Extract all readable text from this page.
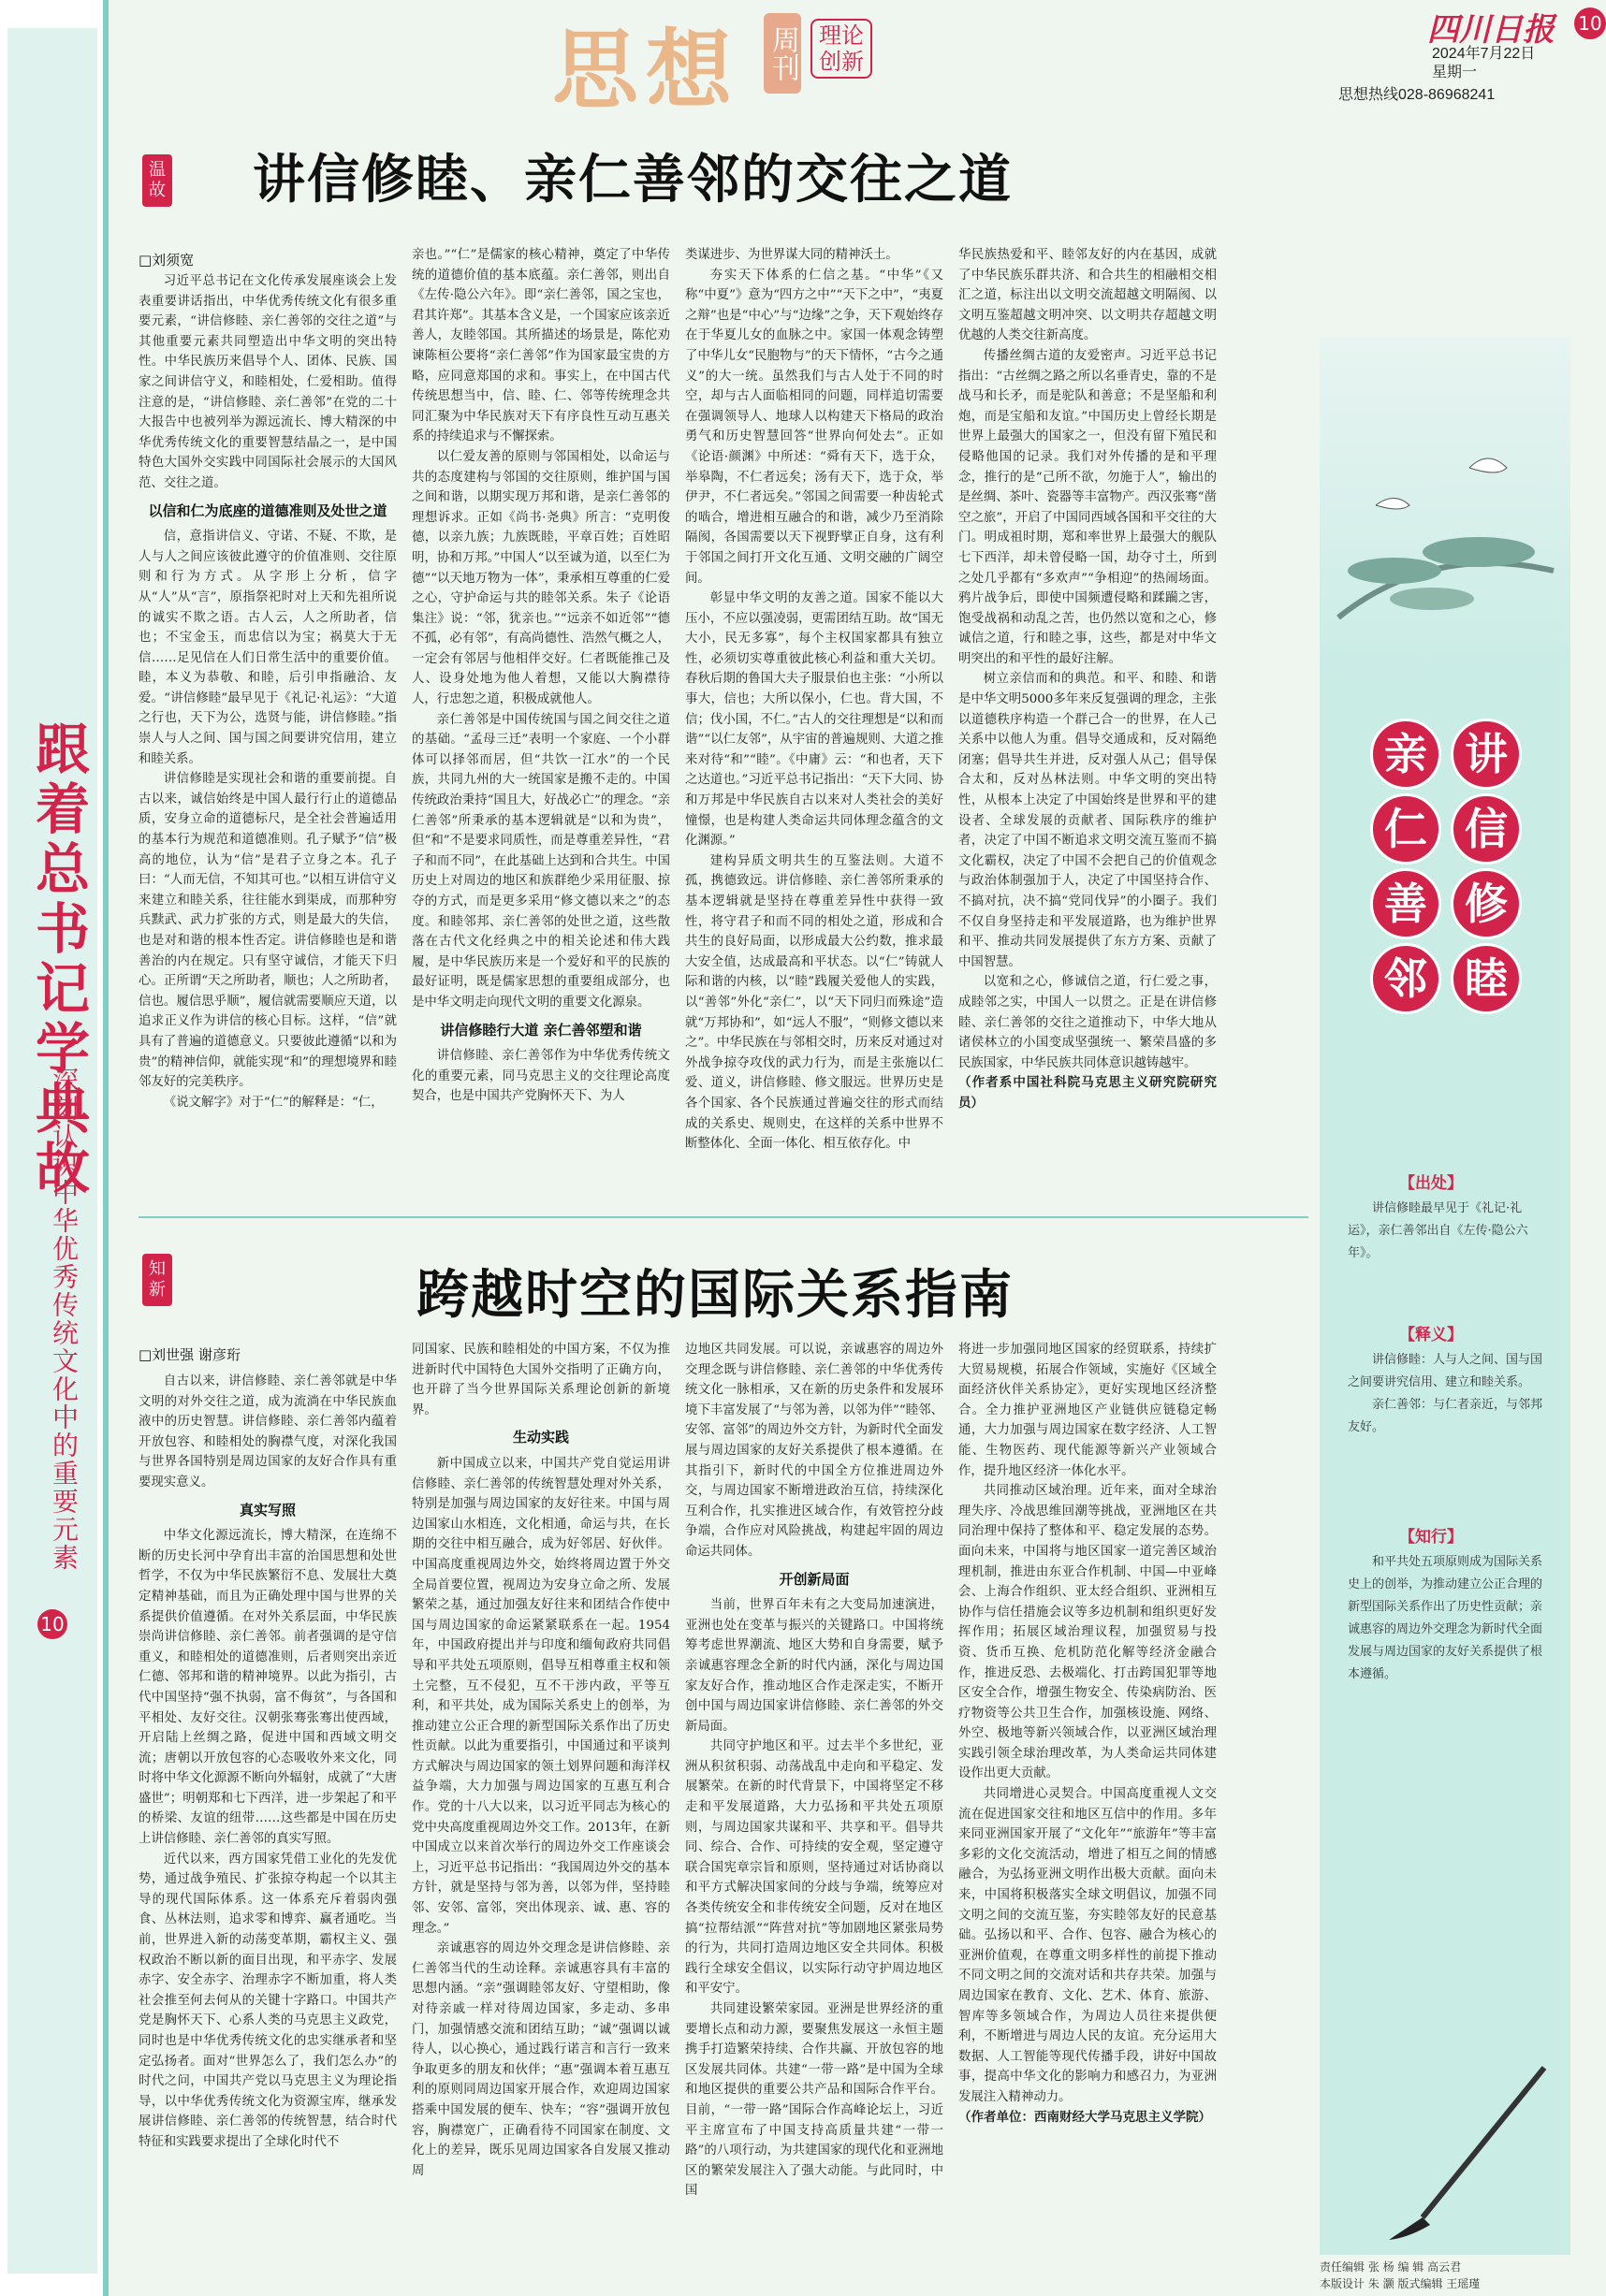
跟着总书记学典故
深刻认识中华优秀传统文化中的重要元素
10
思想 周刊 理论创新
四川日报 10
2024年7月22日
星期一
思想热线028-86968241
温故 讲信修睦、亲仁善邻的交往之道
□刘须宽

习近平总书记在文化传承发展座谈会上发表重要讲话指出，中华优秀传统文化有很多重要元素，“讲信修睦、亲仁善邻的交往之道”与其他重要元素共同塑造出中华文明的突出特性。中华民族历来倡导个人、团体、民族、国家之间讲信守义，和睦相处，仁爱相助。值得注意的是，“讲信修睦、亲仁善邻”在党的二十大报告中也被列举为源远流长、博大精深的中华优秀传统文化的重要智慧结晶之一，是中国特色大国外交实践中同国际社会展示的大国风范、交往之道。

以信和仁为底座的道德准则及处世之道

信，意指讲信义、守诺、不疑、不欺，是人与人之间应该彼此遵守的价值准则、交往原则和行为方式。从字形上分析，信字从“人”从“言”，原指祭祀时对上天和先祖所说的诚实不欺之语。古人云，人之所助者，信也；不宝金玉，而忠信以为宝；祸莫大于无信……足见信在人们日常生活中的重要价值。睦，本义为恭敬、和睦，后引申指融洽、友爱。“讲信修睦”最早见于《礼记·礼运》：“大道之行也，天下为公，选贤与能，讲信修睦。”指崇人与人之间、国与国之间要讲究信用，建立和睦关系。

讲信修睦是实现社会和谐的重要前提。自古以来，诚信始终是中国人最行行止的道德品质，安身立命的道德标尺，是全社会普遍适用的基本行为规范和道德准则。孔子赋予“信”极高的地位，认为“信”是君子立身之本。孔子曰：“人而无信，不知其可也。”以相互讲信守义来建立和睦关系，往往能水到渠成，而那种穷兵黩武、武力扩张的方式，则是最大的失信，也是对和谐的根本性否定。讲信修睦也是和谐善治的内在规定。只有坚守诚信，才能天下归心。正所谓“天之所助者，顺也；人之所助者，信也。履信思乎顺”，履信就需要顺应天道，以追求正义作为讲信的核心目标。这样，“信”就具有了普遍的道德意义。只要彼此遵循“以和为贵”的精神信仰，就能实现“和”的理想境界和睦邻友好的完美秩序。

《说文解字》对于“仁”的解释是：“仁，

亲也。”“仁”是儒家的核心精神，奠定了中华传统的道德价值的基本底蕴。亲仁善邻，则出自《左传·隐公六年》。即“亲仁善邻，国之宝也，君其许郑”。其基本含义是，一个国家应该亲近善人，友睦邻国。其所描述的场景是，陈佗劝谏陈桓公要将“亲仁善邻”作为国家最宝贵的方略，应同意郑国的求和。事实上，在中国古代传统思想当中，信、睦、仁、邻等传统理念共同汇聚为中华民族对天下有序良性互动互惠关系的持续追求与不懈探索。

以仁爱友善的原则与邻国相处，以命运与共的态度建构与邻国的交往原则，维护国与国之间和谐，以期实现万邦和谐，是亲仁善邻的理想诉求。正如《尚书·尧典》所言：“克明俊德，以亲九族；九族既睦，平章百姓；百姓昭明，协和万邦。”中国人“以至诚为道，以至仁为德”“以天地万物为一体”，秉承相互尊重的仁爱之心，守护命运与共的睦邻关系。朱子《论语集注》说：“邻，犹亲也。”“远亲不如近邻”“德不孤，必有邻”，有高尚德性、浩然气概之人，一定会有邻居与他相伴交好。仁者既能推己及人、设身处地为他人着想，又能以大胸襟待人，行忠恕之道，积极成就他人。

亲仁善邻是中国传统国与国之间交往之道的基础。“孟母三迁”表明一个家庭、一个小群体可以择邻而居，但“共饮一江水”的一个民族，共同九州的大一统国家是搬不走的。中国传统政治秉持“国且大，好战必亡”的理念。“亲仁善邻”所秉承的基本逻辑就是“以和为贵”，但“和”不是要求同质性，而是尊重差异性，“君子和而不同”，在此基础上达到和合共生。中国历史上对周边的地区和族群绝少采用征服、掠夺的方式，而是更多采用“修文德以来之”的态度。和睦邻邦、亲仁善邻的处世之道，这些散落在古代文化经典之中的相关论述和伟大践履，是中华民族历来是一个爱好和平的民族的最好证明，既是儒家思想的重要组成部分，也是中华文明走向现代文明的重要文化源泉。

讲信修睦行大道 亲仁善邻塑和谐

讲信修睦、亲仁善邻作为中华优秀传统文化的重要元素，同马克思主义的交往理论高度契合，也是中国共产党胸怀天下、为人

类谋进步、为世界谋大同的精神沃土。

夯实天下体系的仁信之基。“中华”《又称“中夏”》意为“四方之中”“天下之中”，“夷夏之辩”也是“中心”与“边缘”之争，天下观始终存在于华夏儿女的血脉之中。家国一体观念铸塑了中华儿女“民胞物与”的天下情怀，“古今之通义”的大一统。虽然我们与古人处于不同的时空，却与古人面临相同的问题，同样追切需要在强调领导人、地球人以构建天下格局的政治勇气和历史智慧回答“世界向何处去”。正如《论语·颜渊》中所述：“舜有天下，选于众，举皋陶，不仁者远矣；汤有天下，选于众，举伊尹，不仁者远矣。”邻国之间需要一种齿轮式的啮合，增进相互融合的和谐，减少乃至消除隔阂，各国需要以天下视野擘正自身，这有利于邻国之间打开文化互通、文明交融的广阔空间。

彰显中华文明的友善之道。国家不能以大压小，不应以强凌弱，更需团结互助。故“国无大小，民无多寡”，每个主权国家都具有独立性，必须切实尊重彼此核心利益和重大关切。春秋后期的鲁国大夫子服景伯也主张：“小所以事大，信也；大所以保小，仁也。背大国，不信；伐小国，不仁。”古人的交往理想是“以和而谐”“以仁友邻”，从宇宙的普遍规则、大道之推来对待“和”“睦”。《中庸》云：“和也者，天下之达道也。”习近平总书记指出：“天下大同、协和万邦是中华民族自古以来对人类社会的美好憧憬，也是构建人类命运共同体理念蕴含的文化渊源。”

建构异质文明共生的互鉴法则。大道不孤，携德致远。讲信修睦、亲仁善邻所秉承的基本逻辑就是坚持在尊重差异性中获得一致性，将守君子和而不同的相处之道，形成和合共生的良好局面，以形成最大公约数，推求最大安全值，达成最高和平状态。以“仁”铸就人际和谐的内核，以“睦”践履关爱他人的实践，以“善邻”外化“亲仁”，以“天下同归而殊途”造就“万邦协和”，如“远人不服”，“则修文德以来之”。中华民族在与邻相交时，历来反对通过对外战争掠夺攻伐的武力行为，而是主张施以仁爱、道义，讲信修睦、修文服远。世界历史是各个国家、各个民族通过普遍交往的形式而结成的关系史、规则史，在这样的关系中世界不断整体化、全面一体化、相互依存化。中

华民族热爱和平、睦邻友好的内在基因，成就了中华民族乐群共济、和合共生的相融相交相汇之道，标注出以文明交流超越文明隔阂、以文明互鉴超越文明冲突、以文明共存超越文明优越的人类交往新高度。

传播丝绸古道的友爱密声。习近平总书记指出：“古丝绸之路之所以名垂青史，靠的不是战马和长矛，而是驼队和善意；不是坚船和利炮，而是宝船和友谊。”中国历史上曾经长期是世界上最强大的国家之一，但没有留下殖民和侵略他国的记录。我们对外传播的是和平理念，推行的是“己所不欲，勿施于人”，输出的是丝绸、茶叶、瓷器等丰富物产。西汉张骞“凿空之旅”，开启了中国同西域各国和平交往的大门。明成祖时期，郑和率世界上最强大的舰队七下西洋，却未曾侵略一国，劫夺寸土，所到之处几乎都有“多欢声”“争相迎”的热闹场面。鸦片战争后，即使中国频遭侵略和蹂躏之害，饱受战祸和动乱之苦，也仍然以宽和之心，修诚信之道，行和睦之事，这些，都是对中华文明突出的和平性的最好注解。

树立亲信而和的典范。和平、和睦、和谐是中华文明5000多年来反复强调的理念，主张以道德秩序构造一个群己合一的世界，在人己关系中以他人为重。倡导交通成和，反对隔绝闭塞；倡导共生并进，反对强人从己；倡导保合太和，反对丛林法则。中华文明的突出特性，从根本上决定了中国始终是世界和平的建设者、全球发展的贡献者、国际秩序的维护者，决定了中国不断追求文明交流互鉴而不搞文化霸权，决定了中国不会把自己的价值观念与政治体制强加于人，决定了中国坚持合作、不搞对抗，决不搞“党同伐异”的小圈子。我们不仅自身坚持走和平发展道路，也为维护世界和平、推动共同发展提供了东方方案、贡献了中国智慧。

以宽和之心，修诚信之道，行仁爱之事，成睦邻之实，中国人一以贯之。正是在讲信修睦、亲仁善邻的交往之道推动下，中华大地从诸侯林立的小国变成坚强统一、繁荣昌盛的多民族国家，中华民族共同体意识越铸越牢。

（作者系中国社科院马克思主义研究院研究员）

知新	跨越时空的国际关系指南
□刘世强 谢彦珩

自古以来，讲信修睦、亲仁善邻就是中华文明的对外交往之道，成为流淌在中华民族血液中的历史智慧。讲信修睦、亲仁善邻内蕴着开放包容、和睦相处的胸襟气度，对深化我国与世界各国特别是周边国家的友好合作具有重要现实意义。

真实写照

中华文化源远流长，博大精深，在连绵不断的历史长河中孕育出丰富的治国思想和处世哲学，不仅为中华民族繁衍不息、发展壮大奠定精神基础，而且为正确处理中国与世界的关系提供价值遵循。在对外关系层面，中华民族崇尚讲信修睦、亲仁善邻。前者强调的是守信重义，和睦相处的道德准则，后者则突出亲近仁德、邻邦和谐的精神境界。以此为指引，古代中国坚持“强不执弱，富不侮贫”，与各国和平相处、友好交往。汉朝张骞张骞出使西域，开启陆上丝绸之路，促进中国和西域文明交流；唐朝以开放包容的心态吸收外来文化，同时将中华文化源源不断向外辐射，成就了“大唐盛世”；明朝郑和七下西洋，进一步架起了和平的桥梁、友谊的纽带……这些都是中国在历史上讲信修睦、亲仁善邻的真实写照。

近代以来，西方国家凭借工业化的先发优势，通过战争殖民、扩张掠夺构起一个以其主导的现代国际体系。这一体系充斥着弱肉强食、丛林法则，追求零和博弈、赢者通吃。当前，世界进入新的动荡变革期，霸权主义、强权政治不断以新的面目出现，和平赤字、发展赤字、安全赤字、治理赤字不断加重，将人类社会推至何去何从的关键十字路口。中国共产党是胸怀天下、心系人类的马克思主义政党，同时也是中华优秀传统文化的忠实继承者和坚定弘扬者。面对“世界怎么了，我们怎么办”的时代之问，中国共产党以马克思主义为理论指导，以中华优秀传统文化为资源宝库，继承发展讲信修睦、亲仁善邻的传统智慧，结合时代特征和实践要求提出了全球化时代不

同国家、民族和睦相处的中国方案，不仅为推进新时代中国特色大国外交指明了正确方向，也开辟了当今世界国际关系理论创新的新境界。

生动实践

新中国成立以来，中国共产党自觉运用讲信修睦、亲仁善邻的传统智慧处理对外关系，特别是加强与周边国家的友好往来。中国与周边国家山水相连，文化相通，命运与共，在长期的交往中相互融合，成为好邻居、好伙伴。中国高度重视周边外交，始终将周边置于外交全局首要位置，视周边为安身立命之所、发展繁荣之基，通过加强友好往来和团结合作使中国与周边国家的命运紧紧联系在一起。1954年，中国政府提出并与印度和缅甸政府共同倡导和平共处五项原则，倡导互相尊重主权和领土完整，互不侵犯，互不干涉内政，平等互利，和平共处，成为国际关系史上的创举，为推动建立公正合理的新型国际关系作出了历史性贡献。以此为重要指引，中国通过和平谈判方式解决与周边国家的领土划界问题和海洋权益争端，大力加强与周边国家的互惠互利合作。党的十八大以来，以习近平同志为核心的党中央高度重视周边外交工作。2013年，在新中国成立以来首次举行的周边外交工作座谈会上，习近平总书记指出：“我国周边外交的基本方针，就是坚持与邻为善，以邻为伴，坚持睦邻、安邻、富邻，突出体现亲、诚、惠、容的理念。”

亲诚惠容的周边外交理念是讲信修睦、亲仁善邻当代的生动诠释。亲诚惠容具有丰富的思想内涵。“亲”强调睦邻友好、守望相助，像对待亲戚一样对待周边国家，多走动、多串门，加强情感交流和团结互助；“诚”强调以诚待人，以心换心，通过践行诺言和言行一致来争取更多的朋友和伙伴；“惠”强调本着互惠互利的原则同周边国家开展合作，欢迎周边国家搭乘中国发展的便车、快车；“容”强调开放包容，胸襟宽广，正确看待不同国家在制度、文化上的差异，既乐见周边国家各自发展又推动周

边地区共同发展。可以说，亲诚惠容的周边外交理念既与讲信修睦、亲仁善邻的中华优秀传统文化一脉相承，又在新的历史条件和发展环境下丰富发展了“与邻为善，以邻为伴”“睦邻、安邻、富邻”的周边外交方针，为新时代全面发展与周边国家的友好关系提供了根本遵循。在其指引下，新时代的中国全方位推进周边外交，与周边国家不断增进政治互信，持续深化互利合作，扎实推进区域合作，有效管控分歧争端，合作应对风险挑战，构建起牢固的周边命运共同体。

开创新局面

当前，世界百年未有之大变局加速演进，亚洲也处在变革与振兴的关键路口。中国将统筹考虑世界潮流、地区大势和自身需要，赋予亲诚惠容理念全新的时代内涵，深化与周边国家友好合作，推动地区合作走深走实，不断开创中国与周边国家讲信修睦、亲仁善邻的外交新局面。

共同守护地区和平。过去半个多世纪，亚洲从积贫积弱、动荡战乱中走向和平稳定、发展繁荣。在新的时代背景下，中国将坚定不移走和平发展道路，大力弘扬和平共处五项原则，与周边国家共谋和平、共享和平。倡导共同、综合、合作、可持续的安全观，坚定遵守联合国宪章宗旨和原则，坚持通过对话协商以和平方式解决国家间的分歧与争端，统筹应对各类传统安全和非传统安全问题，反对在地区搞“拉帮结派”“阵营对抗”等加剧地区紧张局势的行为，共同打造周边地区安全共同体。积极践行全球安全倡议，以实际行动守护周边地区和平安宁。

共同建设繁荣家园。亚洲是世界经济的重要增长点和动力源，要聚焦发展这一永恒主题携手打造繁荣持续、合作共赢、开放包容的地区发展共同体。共建“一带一路”是中国为全球和地区提供的重要公共产品和国际合作平台。目前，“一带一路”国际合作高峰论坛上，习近平主席宣布了中国支持高质量共建“一带一路”的八项行动，为共建国家的现代化和亚洲地区的繁荣发展注入了强大动能。与此同时，中国

将进一步加强同地区国家的经贸联系，持续扩大贸易规模，拓展合作领域，实施好《区域全面经济伙伴关系协定》，更好实现地区经济整合。全力推护亚洲地区产业链供应链稳定畅通，大力加强与周边国家在数字经济、人工智能、生物医药、现代能源等新兴产业领域合作，提升地区经济一体化水平。

共同推动区域治理。近年来，面对全球治理失序、冷战思维回潮等挑战，亚洲地区在共同治理中保持了整体和平、稳定发展的态势。面向未来，中国将与地区国家一道完善区域治理机制，推进由东亚合作机制、中国—中亚峰会、上海合作组织、亚太经合组织、亚洲相互协作与信任措施会议等多边机制和组织更好发挥作用；拓展区域治理议程，加强贸易与投资、货币互换、危机防范化解等经济金融合作，推进反恐、去极端化、打击跨国犯罪等地区安全合作，增强生物安全、传染病防治、医疗物资等公共卫生合作，加强核设施、网络、外空、极地等新兴领域合作，以亚洲区域治理实践引领全球治理改革，为人类命运共同体建设作出更大贡献。

共同增进心灵契合。中国高度重视人文交流在促进国家交往和地区互信中的作用。多年来同亚洲国家开展了“文化年”“旅游年”等丰富多彩的文化交流活动，增进了相互之间的情感融合，为弘扬亚洲文明作出极大贡献。面向未来，中国将积极落实全球文明倡议，加强不同文明之间的交流互鉴，夯实睦邻友好的民意基础。弘扬以和平、合作、包容、融合为核心的亚洲价值观，在尊重文明多样性的前提下推动不同文明之间的交流对话和共存共荣。加强与周边国家在教育、文化、艺术、体育、旅游、智库等多领域合作，为周边人员往来提供便利，不断增进与周边人民的友谊。充分运用大数据、人工智能等现代传播手段，讲好中国故事，提高中华文化的影响力和感召力，为亚洲发展注入精神动力。

（作者单位：西南财经大学马克思主义学院）

讲
信
修
睦
亲
仁
善
邻
【出处】

讲信修睦最早见于《礼记·礼运》，亲仁善邻出自《左传·隐公六年》。

【释义】

讲信修睦：人与人之间、国与国之间要讲究信用、建立和睦关系。

亲仁善邻：与仁者亲近，与邻邦友好。

【知行】

和平共处五项原则成为国际关系史上的创举，为推动建立公正合理的新型国际关系作出了历史性贡献；亲诚惠容的周边外交理念为新时代全面发展与周边国家的友好关系提供了根本遵循。

责任编辑 张 杨 编 辑 高云君
本版设计 朱 灏 版式编辑 王瑶瑾
